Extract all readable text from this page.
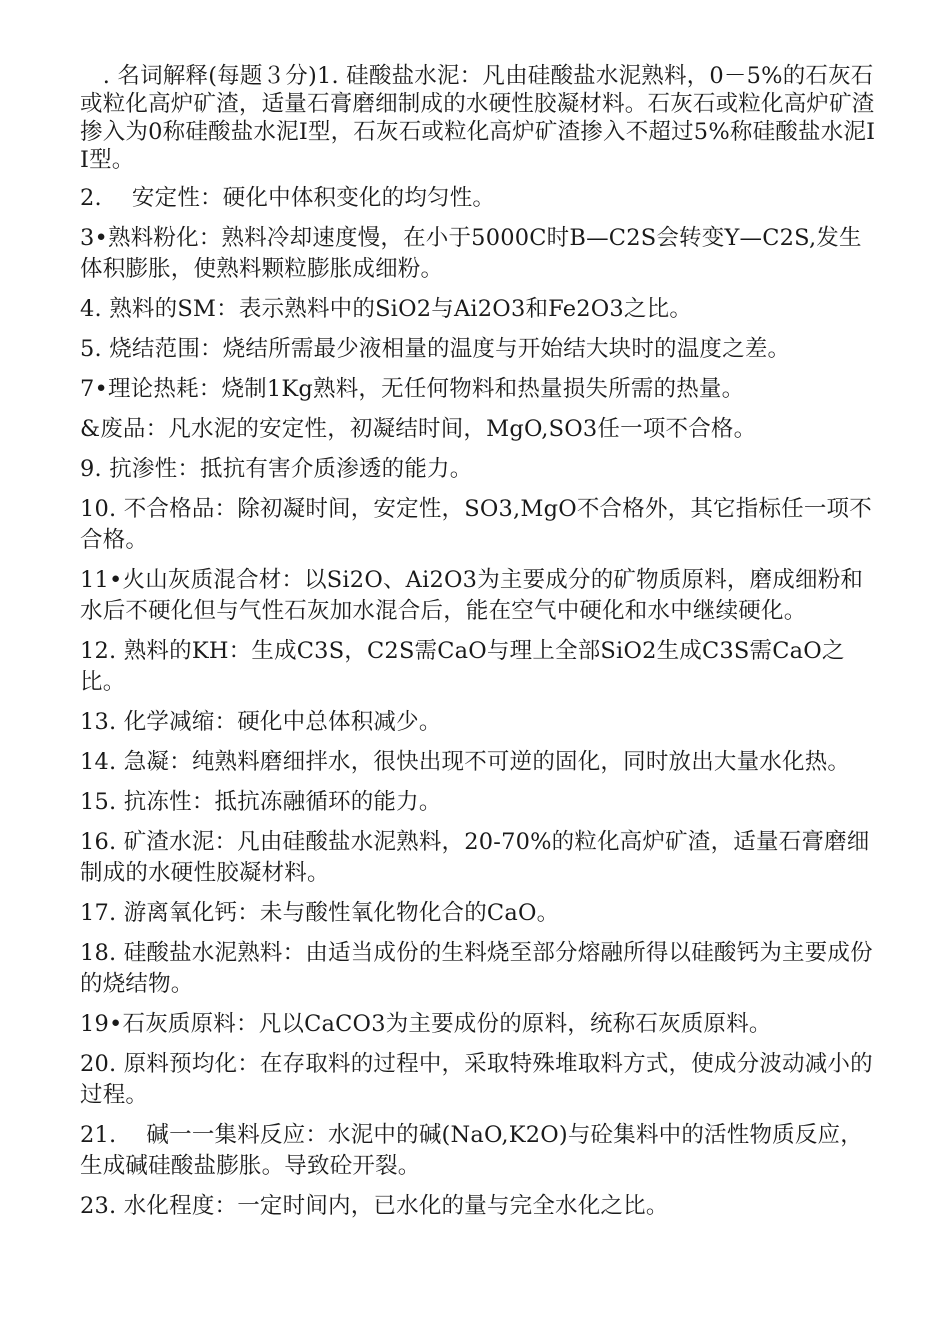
　. 名词解释(每题３分)1. 硅酸盐水泥：凡由硅酸盐水泥熟料，0－5%的石灰石或粒化高炉矿渣，适量石膏磨细制成的水硬性胶凝材料。石灰石或粒化高炉矿渣掺入为0称硅酸盐水泥I型，石灰石或粒化高炉矿渣掺入不超过5%称硅酸盐水泥II型。
2.　 安定性：硬化中体积变化的均匀性。
3•熟料粉化：熟料冷却速度慢，在小于5000C时B—C2S会转变Y—C2S,发生体积膨胀，使熟料颗粒膨胀成细粉。
4. 熟料的SM：表示熟料中的SiO2与Ai2O3和Fe2O3之比。
5. 烧结范围：烧结所需最少液相量的温度与开始结大块时的温度之差。
7•理论热耗：烧制1Kg熟料，无任何物料和热量损失所需的热量。
&废品：凡水泥的安定性，初凝结时间，MgO,SO3任一项不合格。
9. 抗渗性：抵抗有害介质渗透的能力。
10. 不合格品：除初凝时间，安定性，SO3,MgO不合格外，其它指标任一项不合格。
11•火山灰质混合材：以Si2O、Ai2O3为主要成分的矿物质原料，磨成细粉和水后不硬化但与气性石灰加水混合后，能在空气中硬化和水中继续硬化。
12. 熟料的KH：生成C3S，C2S需CaO与理上全部SiO2生成C3S需CaO之比。
13. 化学减缩：硬化中总体积减少。
14. 急凝：纯熟料磨细拌水，很快出现不可逆的固化，同时放出大量水化热。
15. 抗冻性：抵抗冻融循环的能力。
16. 矿渣水泥：凡由硅酸盐水泥熟料，20-70%的粒化高炉矿渣，适量石膏磨细制成的水硬性胶凝材料。
17. 游离氧化钙：未与酸性氧化物化合的CaO。
18. 硅酸盐水泥熟料：由适当成份的生料烧至部分熔融所得以硅酸钙为主要成份的烧结物。
19•石灰质原料：凡以CaCO3为主要成份的原料，统称石灰质原料。
20. 原料预均化：在存取料的过程中，采取特殊堆取料方式，使成分波动减小的过程。
21.　 碱一一集料反应：水泥中的碱(NaO,K2O)与砼集料中的活性物质反应，生成碱硅酸盐膨胀。导致砼开裂。
23. 水化程度：一定时间内，已水化的量与完全水化之比。
